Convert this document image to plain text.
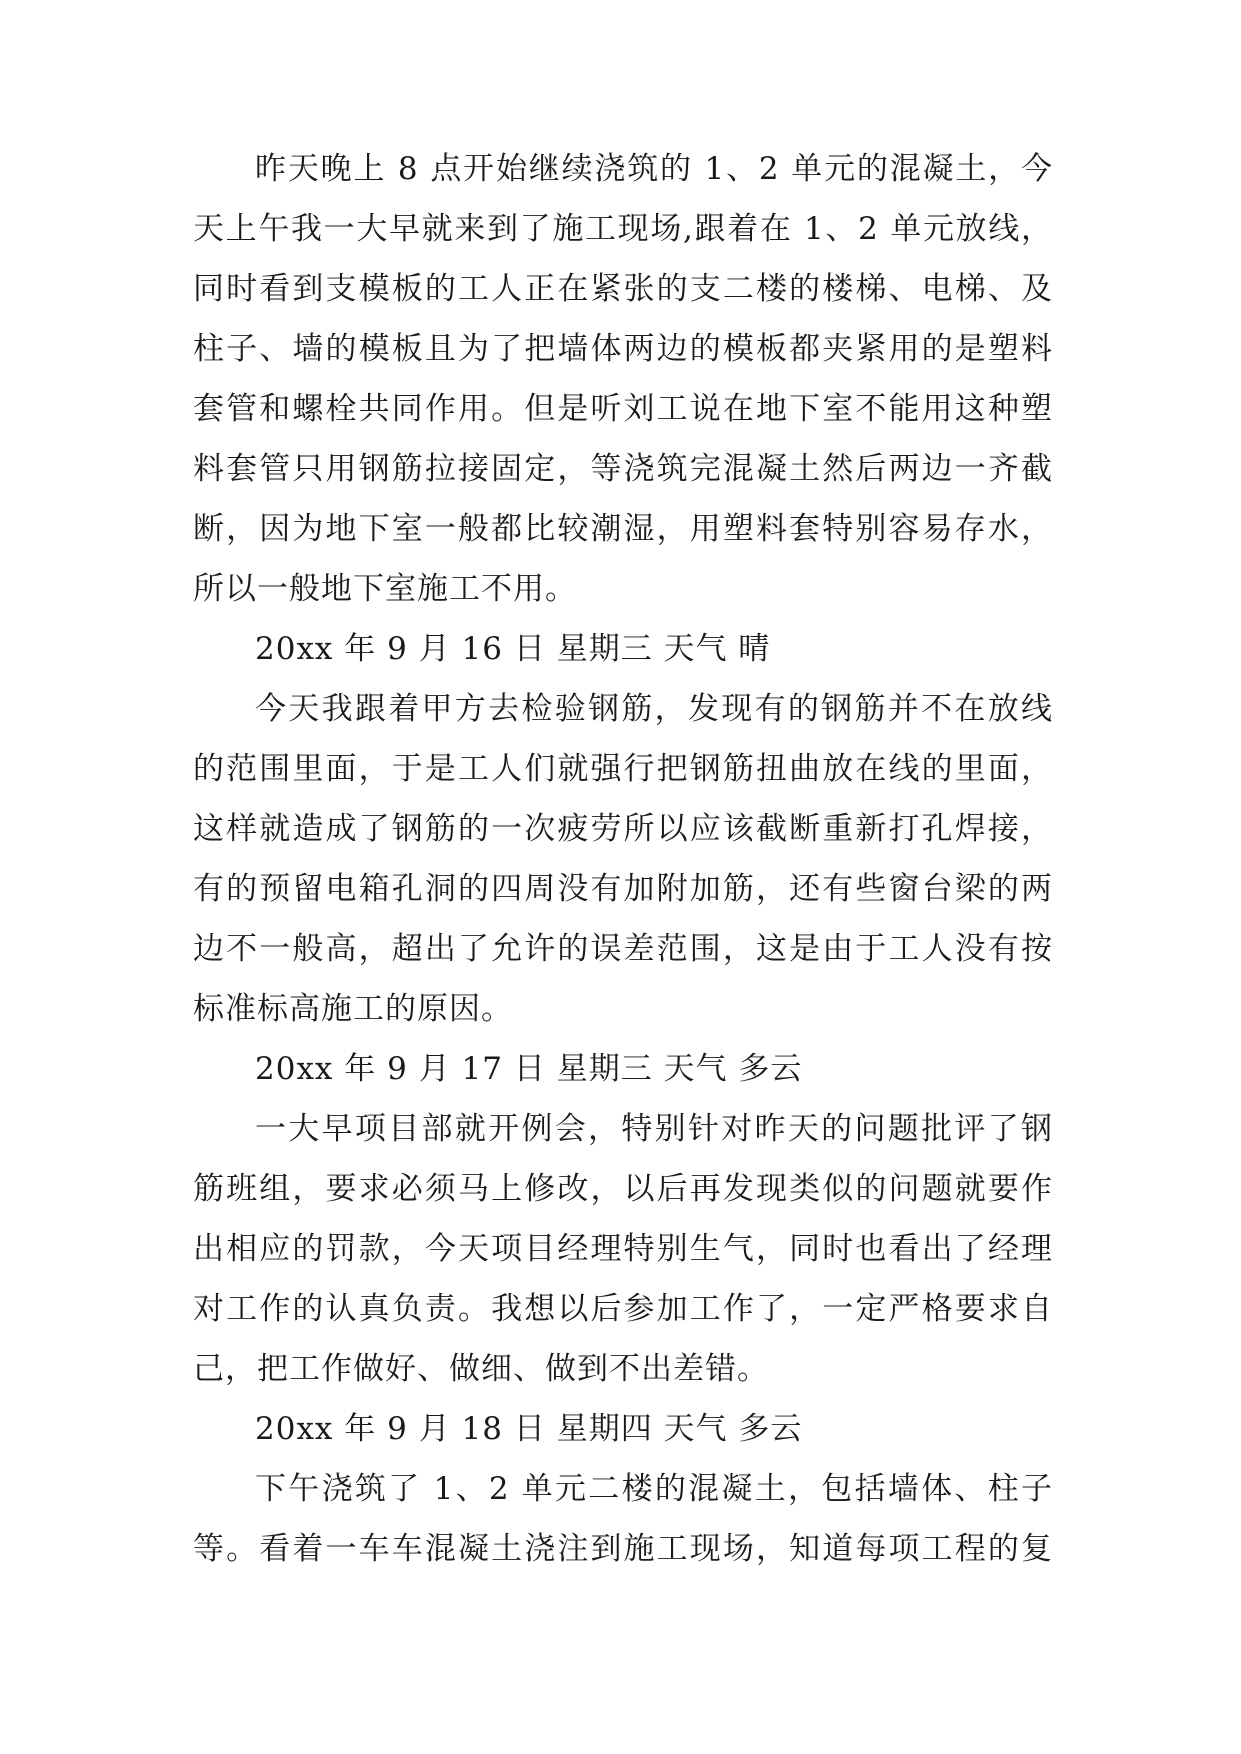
昨天晚上 8 点开始继续浇筑的 1、2 单元的混凝土，今
天上午我一大早就来到了施工现场,跟着在 1、2 单元放线，
同时看到支模板的工人正在紧张的支二楼的楼梯、电梯、及
柱子、墙的模板且为了把墙体两边的模板都夹紧用的是塑料
套管和螺栓共同作用。但是听刘工说在地下室不能用这种塑
料套管只用钢筋拉接固定，等浇筑完混凝土然后两边一齐截
断，因为地下室一般都比较潮湿，用塑料套特别容易存水，
所以一般地下室施工不用。
20xx 年 9 月 16 日 星期三 天气 晴
今天我跟着甲方去检验钢筋，发现有的钢筋并不在放线
的范围里面，于是工人们就强行把钢筋扭曲放在线的里面，
这样就造成了钢筋的一次疲劳所以应该截断重新打孔焊接，
有的预留电箱孔洞的四周没有加附加筋，还有些窗台梁的两
边不一般高，超出了允许的误差范围，这是由于工人没有按
标准标高施工的原因。
20xx 年 9 月 17 日 星期三 天气 多云
一大早项目部就开例会，特别针对昨天的问题批评了钢
筋班组，要求必须马上修改，以后再发现类似的问题就要作
出相应的罚款，今天项目经理特别生气，同时也看出了经理
对工作的认真负责。我想以后参加工作了，一定严格要求自
己，把工作做好、做细、做到不出差错。
20xx 年 9 月 18 日 星期四 天气 多云
下午浇筑了 1、2 单元二楼的混凝土，包括墙体、柱子
等。看着一车车混凝土浇注到施工现场，知道每项工程的复
